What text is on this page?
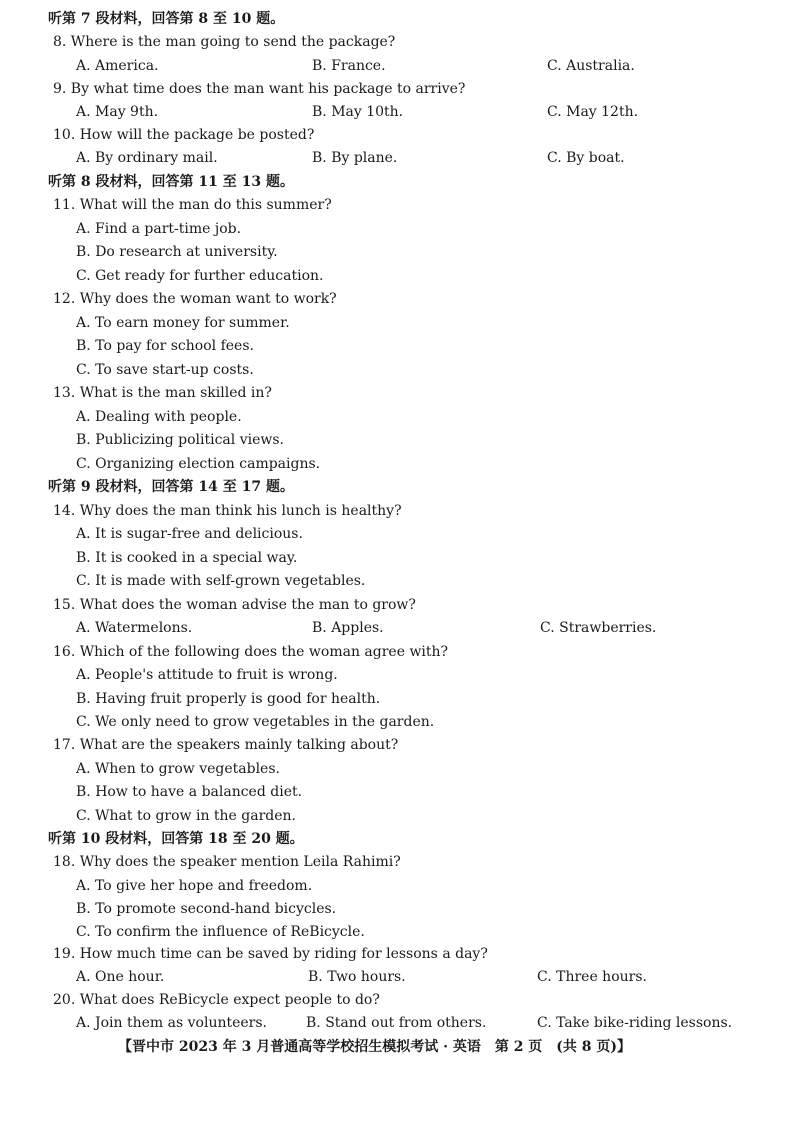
听第 7 段材料，回答第 8 至 10 题。
8. Where is the man going to send the package?
A. America.	B. France.	C. Australia.
9. By what time does the man want his package to arrive?
A. May 9th.	B. May 10th.	C. May 12th.
10. How will the package be posted?
A. By ordinary mail.	B. By plane.	C. By boat.
听第 8 段材料，回答第 11 至 13 题。
11. What will the man do this summer?
A. Find a part-time job.
B. Do research at university.
C. Get ready for further education.
12. Why does the woman want to work?
A. To earn money for summer.
B. To pay for school fees.
C. To save start-up costs.
13. What is the man skilled in?
A. Dealing with people.
B. Publicizing political views.
C. Organizing election campaigns.
听第 9 段材料，回答第 14 至 17 题。
14. Why does the man think his lunch is healthy?
A. It is sugar-free and delicious.
B. It is cooked in a special way.
C. It is made with self-grown vegetables.
15. What does the woman advise the man to grow?
A. Watermelons.	B. Apples.	C. Strawberries.
16. Which of the following does the woman agree with?
A. People's attitude to fruit is wrong.
B. Having fruit properly is good for health.
C. We only need to grow vegetables in the garden.
17. What are the speakers mainly talking about?
A. When to grow vegetables.
B. How to have a balanced diet.
C. What to grow in the garden.
听第 10 段材料，回答第 18 至 20 题。
18. Why does the speaker mention Leila Rahimi?
A. To give her hope and freedom.
B. To promote second-hand bicycles.
C. To confirm the influence of ReBicycle.
19. How much time can be saved by riding for lessons a day?
A. One hour.	B. Two hours.	C. Three hours.
20. What does ReBicycle expect people to do?
A. Join them as volunteers.	B. Stand out from others.	C. Take bike-riding lessons.
【晋中市 2023 年 3 月普通高等学校招生模拟考试 · 英语　第 2 页　(共 8 页)】
